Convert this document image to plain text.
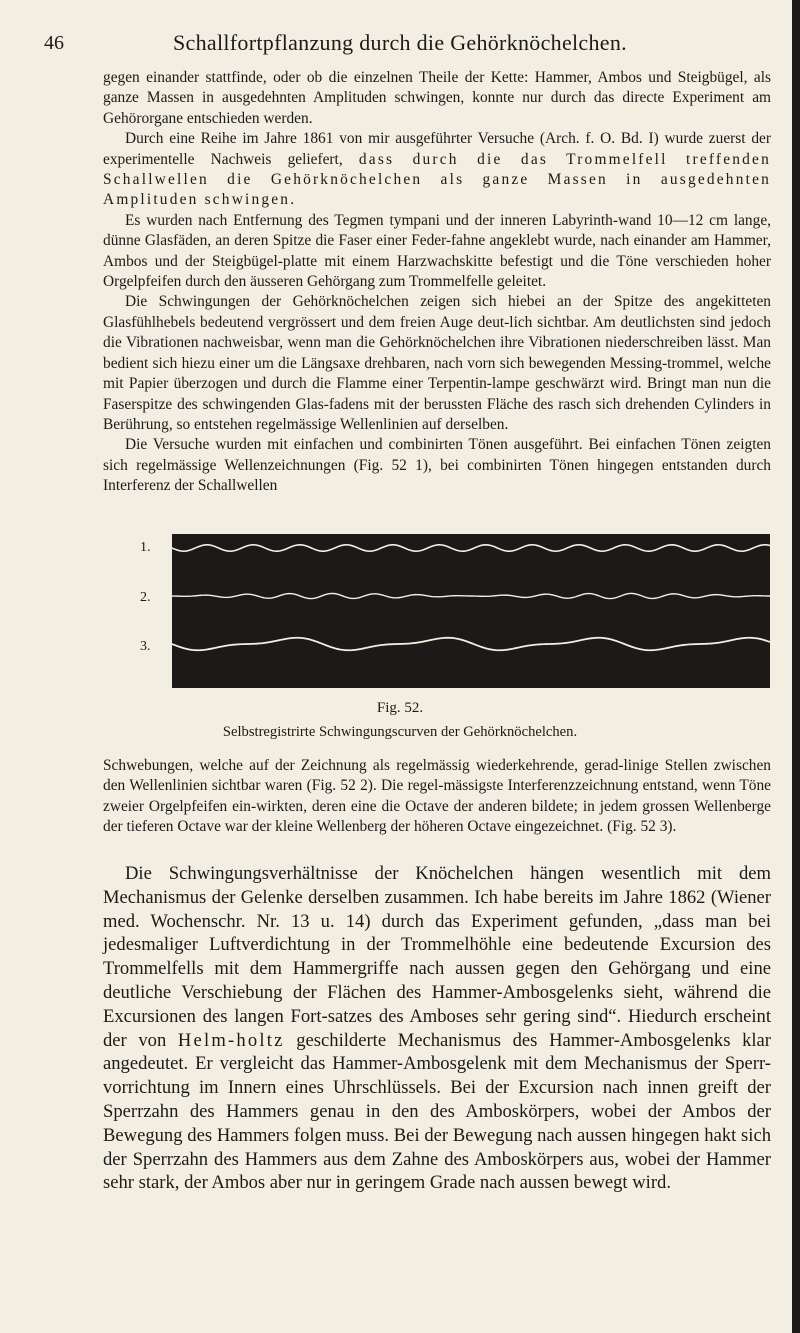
46	Schallfortpflanzung durch die Gehörknöchelchen.

gegen einander stattfinde, oder ob die einzelnen Theile der Kette: Hammer, Ambos und Steigbügel, als ganze Massen in ausgedehnten Amplituden schwingen, konnte nur durch das directe Experiment am Gehörorgane entschieden werden.

Durch eine Reihe im Jahre 1861 von mir ausgeführter Versuche (Arch. f. O. Bd. I) wurde zuerst der experimentelle Nachweis geliefert, dass durch die das Trommelfell treffenden Schallwellen die Gehörknöchelchen als ganze Massen in ausgedehnten Amplituden schwingen.

Es wurden nach Entfernung des Tegmen tympani und der inneren Labyrinth-wand 10—12 cm lange, dünne Glasfäden, an deren Spitze die Faser einer Feder-fahne angeklebt wurde, nach einander am Hammer, Ambos und der Steigbügel-platte mit einem Harzwachskitte befestigt und die Töne verschieden hoher Orgelpfeifen durch den äusseren Gehörgang zum Trommelfelle geleitet.

Die Schwingungen der Gehörknöchelchen zeigen sich hiebei an der Spitze des angekitteten Glasfühlhebels bedeutend vergrössert und dem freien Auge deut-lich sichtbar. Am deutlichsten sind jedoch die Vibrationen nachweisbar, wenn man die Gehörknöchelchen ihre Vibrationen niederschreiben lässt. Man bedient sich hiezu einer um die Längsaxe drehbaren, nach vorn sich bewegenden Messing-trommel, welche mit Papier überzogen und durch die Flamme einer Terpentin-lampe geschwärzt wird. Bringt man nun die Faserspitze des schwingenden Glas-fadens mit der berussten Fläche des rasch sich drehenden Cylinders in Berührung, so entstehen regelmässige Wellenlinien auf derselben.

Die Versuche wurden mit einfachen und combinirten Tönen ausgeführt. Bei einfachen Tönen zeigten sich regelmässige Wellenzeichnungen (Fig. 52 1), bei combinirten Tönen hingegen entstanden durch Interferenz der Schallwellen

1.
2.
3.
Fig. 52.
Selbstregistrirte Schwingungscurven der Gehörknöchelchen.

Schwebungen, welche auf der Zeichnung als regelmässig wiederkehrende, gerad-linige Stellen zwischen den Wellenlinien sichtbar waren (Fig. 52 2). Die regel-mässigste Interferenzzeichnung entstand, wenn Töne zweier Orgelpfeifen ein-wirkten, deren eine die Octave der anderen bildete; in jedem grossen Wellenberge der tieferen Octave war der kleine Wellenberg der höheren Octave eingezeichnet. (Fig. 52 3).

Die Schwingungsverhältnisse der Knöchelchen hängen wesentlich mit dem Mechanismus der Gelenke derselben zusammen. Ich habe bereits im Jahre 1862 (Wiener med. Wochenschr. Nr. 13 u. 14) durch das Experiment gefunden, „dass man bei jedesmaliger Luftverdichtung in der Trommelhöhle eine bedeutende Excursion des Trommelfells mit dem Hammergriffe nach aussen gegen den Gehörgang und eine deutliche Verschiebung der Flächen des Hammer-Ambosgelenks sieht, während die Excursionen des langen Fort-satzes des Amboses sehr gering sind“. Hiedurch erscheint der von Helm-holtz geschilderte Mechanismus des Hammer-Ambosgelenks klar angedeutet. Er vergleicht das Hammer-Ambosgelenk mit dem Mechanismus der Sperr-vorrichtung im Innern eines Uhrschlüssels. Bei der Excursion nach innen greift der Sperrzahn des Hammers genau in den des Amboskörpers, wobei der Ambos der Bewegung des Hammers folgen muss. Bei der Bewegung nach aussen hingegen hakt sich der Sperrzahn des Hammers aus dem Zahne des Amboskörpers aus, wobei der Hammer sehr stark, der Ambos aber nur in geringem Grade nach aussen bewegt wird.
